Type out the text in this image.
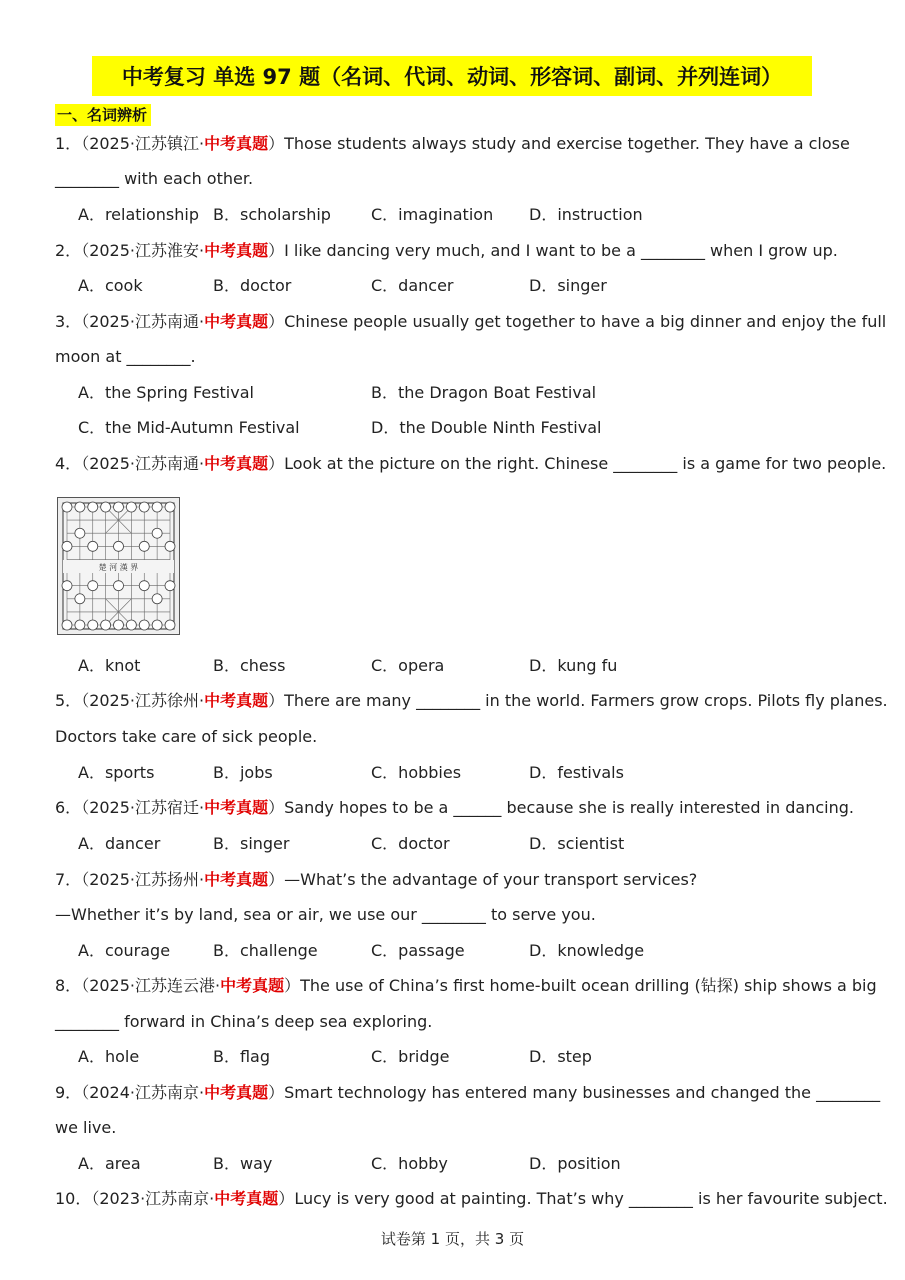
中考复习 单选 97 题（名词、代词、动词、形容词、副词、并列连词）
一、名词辨析
1．（2025·江苏镇江·中考真题）Those students always study and exercise together. They have a close
________ with each other.
A．relationship B．scholarship	C．imagination D．instruction
2．（2025·江苏淮安·中考真题）I like dancing very much, and I want to be a ________ when I grow up.
A．cook	B．doctor	C．dancer	D．singer
3．（2025·江苏南通·中考真题）Chinese people usually get together to have a big dinner and enjoy the full
moon at ________.
A．the Spring Festival	B．the Dragon Boat Festival
C．the Mid-Autumn Festival	D．the Double Ninth Festival
4．（2025·江苏南通·中考真题）Look at the picture on the right. Chinese ________ is a game for two people.
楚 河 漢 界
A．knot	B．chess	C．opera	D．kung fu
5．（2025·江苏徐州·中考真题）There are many ________ in the world. Farmers grow crops. Pilots fly planes.
Doctors take care of sick people.
A．sports	B．jobs	C．hobbies	D．festivals
6．（2025·江苏宿迁·中考真题）Sandy hopes to be a ______ because she is really interested in dancing.
A．dancer	B．singer	C．doctor	D．scientist
7．（2025·江苏扬州·中考真题）—What’s the advantage of your transport services?
—Whether it’s by land, sea or air, we use our ________ to serve you.
A．courage	B．challenge	C．passage	D．knowledge
8．（2025·江苏连云港·中考真题）The use of China’s first home-built ocean drilling (钻探) ship shows a big
________ forward in China’s deep sea exploring.
A．hole	B．flag	C．bridge	D．step
9．（2024·江苏南京·中考真题）Smart technology has entered many businesses and changed the ________
we live.
A．area	B．way	C．hobby	D．position
10．（2023·江苏南京·中考真题）Lucy is very good at painting. That’s why ________ is her favourite subject.
试卷第 1 页，共 3 页
